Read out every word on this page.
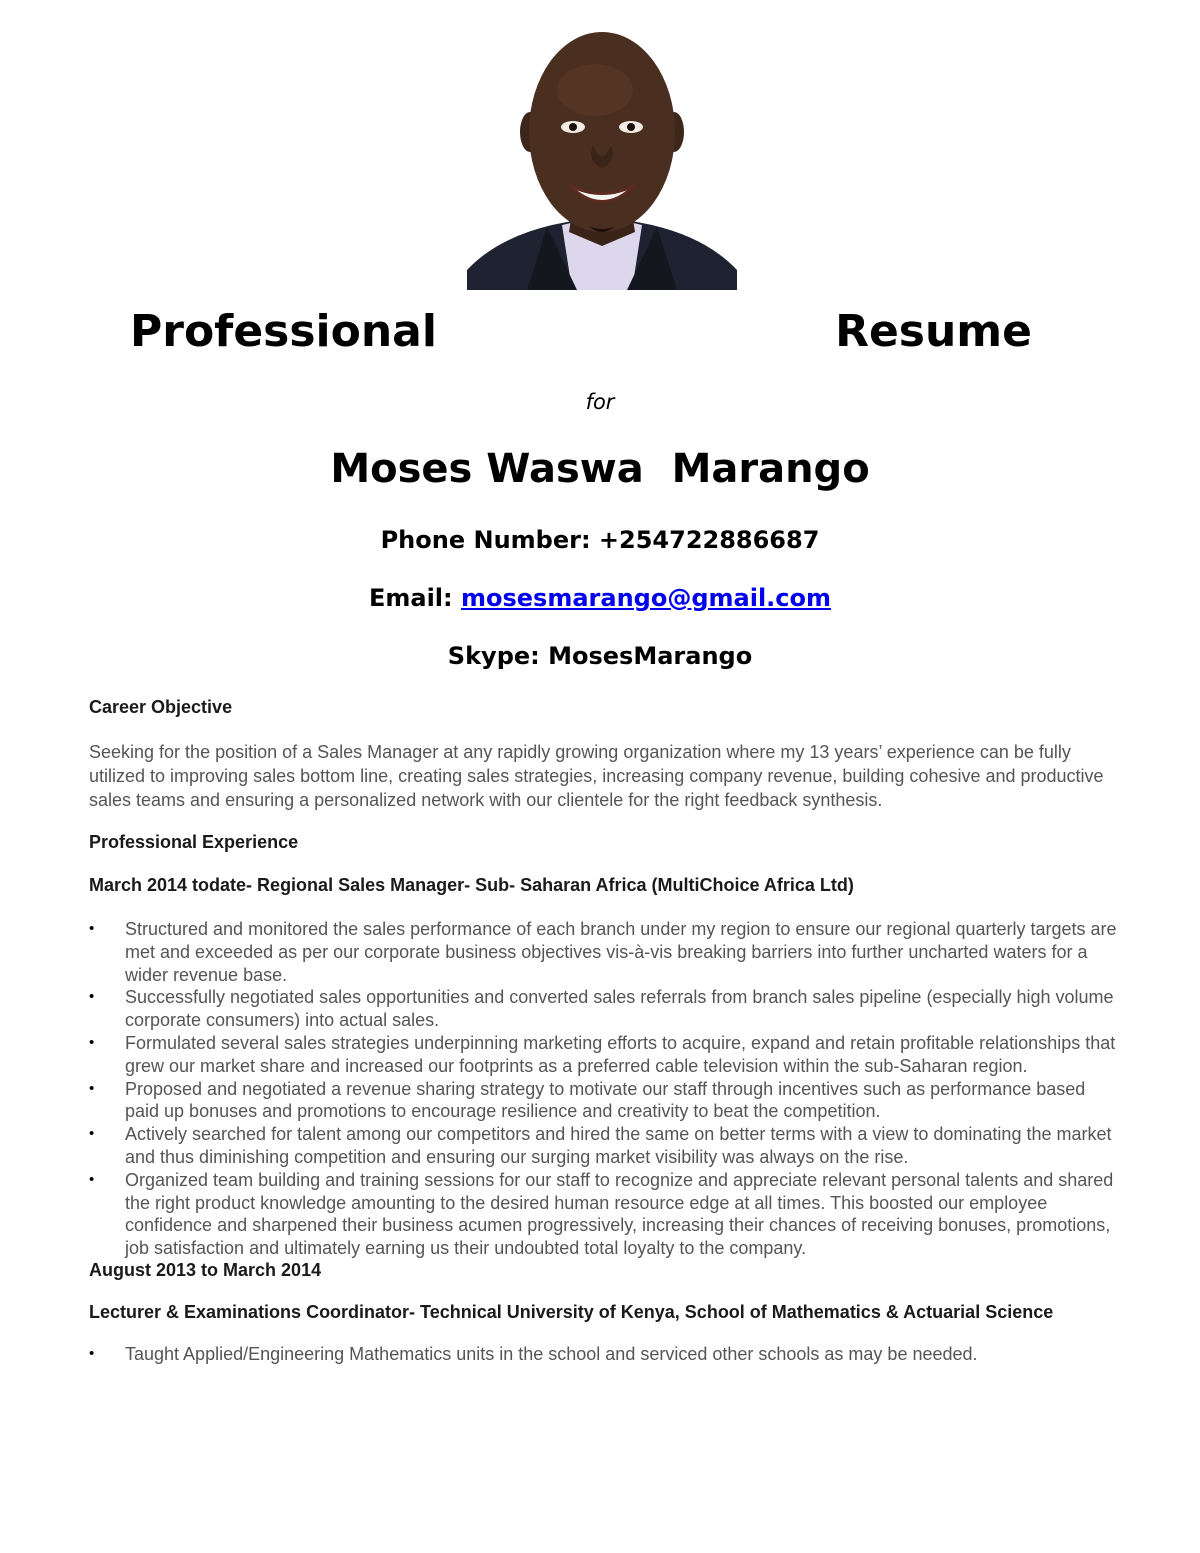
Professional	Resume
for
Moses Waswa  Marango
Phone Number: +254722886687
Email: mosesmarango@gmail.com
Skype: MosesMarango
Career Objective

Seeking for the position of a Sales Manager at any rapidly growing organization where my 13 years’ experience can be fully utilized to improving sales bottom line, creating sales strategies, increasing company revenue, building cohesive and productive sales teams and ensuring a personalized network with our clientele for the right feedback synthesis.

Professional Experience
March 2014 todate- Regional Sales Manager- Sub- Saharan Africa (MultiChoice Africa Ltd)
• Structured and monitored the sales performance of each branch under my region to ensure our regional quarterly targets are met and exceeded as per our corporate business objectives vis-à-vis breaking barriers into further uncharted waters for a wider revenue base.
• Successfully negotiated sales opportunities and converted sales referrals from branch sales pipeline (especially high volume corporate consumers) into actual sales.
• Formulated several sales strategies underpinning marketing efforts to acquire, expand and retain profitable relationships that grew our market share and increased our footprints as a preferred cable television within the sub-Saharan region.
• Proposed and negotiated a revenue sharing strategy to motivate our staff through incentives such as performance based paid up bonuses and promotions to encourage resilience and creativity to beat the competition.
• Actively searched for talent among our competitors and hired the same on better terms with a view to dominating the market and thus diminishing competition and ensuring our surging market visibility was always on the rise.
• Organized team building and training sessions for our staff to recognize and appreciate relevant personal talents and shared the right product knowledge amounting to the desired human resource edge at all times. This boosted our employee confidence and sharpened their business acumen progressively, increasing their chances of receiving bonuses, promotions, job satisfaction and ultimately earning us their undoubted total loyalty to the company.
August 2013 to March 2014
Lecturer & Examinations Coordinator- Technical University of Kenya, School of Mathematics & Actuarial Science
• Taught Applied/Engineering Mathematics units in the school and serviced other schools as may be needed.
